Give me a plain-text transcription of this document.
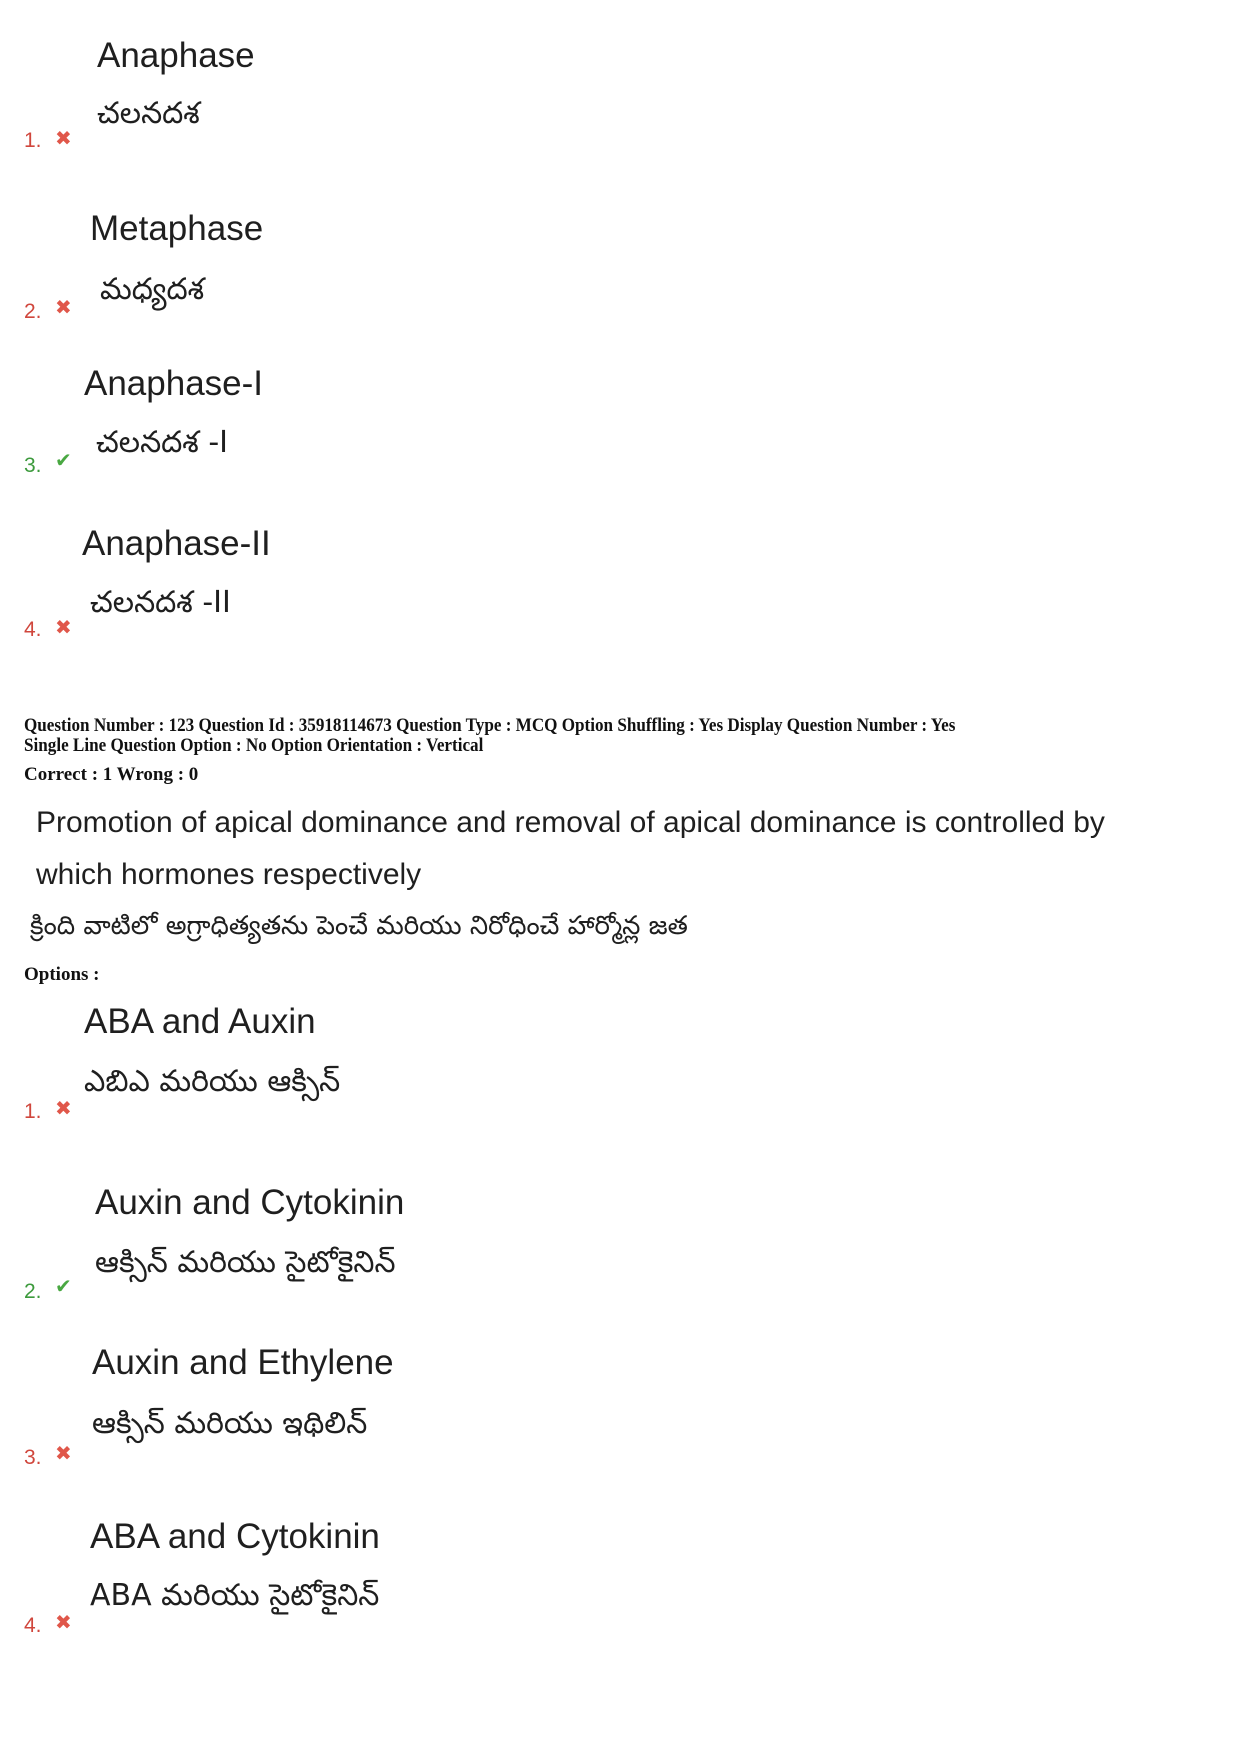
Anaphase
చలనదశ
1. ✖
Metaphase
మధ్యదశ
2. ✖
Anaphase-I
చలనదశ -I
3. ✔
Anaphase-II
చలనదశ -II
4. ✖
Question Number : 123 Question Id : 35918114673 Question Type : MCQ Option Shuffling : Yes Display Question Number : Yes
Single Line Question Option : No Option Orientation : Vertical
Correct : 1 Wrong : 0
Promotion of apical dominance and removal of apical dominance is controlled by
which hormones respectively
క్రింది వాటిలో అగ్రాధిత్యతను పెంచే మరియు నిరోధించే హార్మోన్ల జత
Options :
ABA and Auxin
ఎబిఎ మరియు ఆక్సిన్
1. ✖
Auxin and Cytokinin
ఆక్సిన్ మరియు సైటోకైనిన్
2. ✔
Auxin and Ethylene
ఆక్సిన్ మరియు ఇథిలిన్
3. ✖
ABA and Cytokinin
ABA మరియు సైటోకైనిన్
4. ✖
